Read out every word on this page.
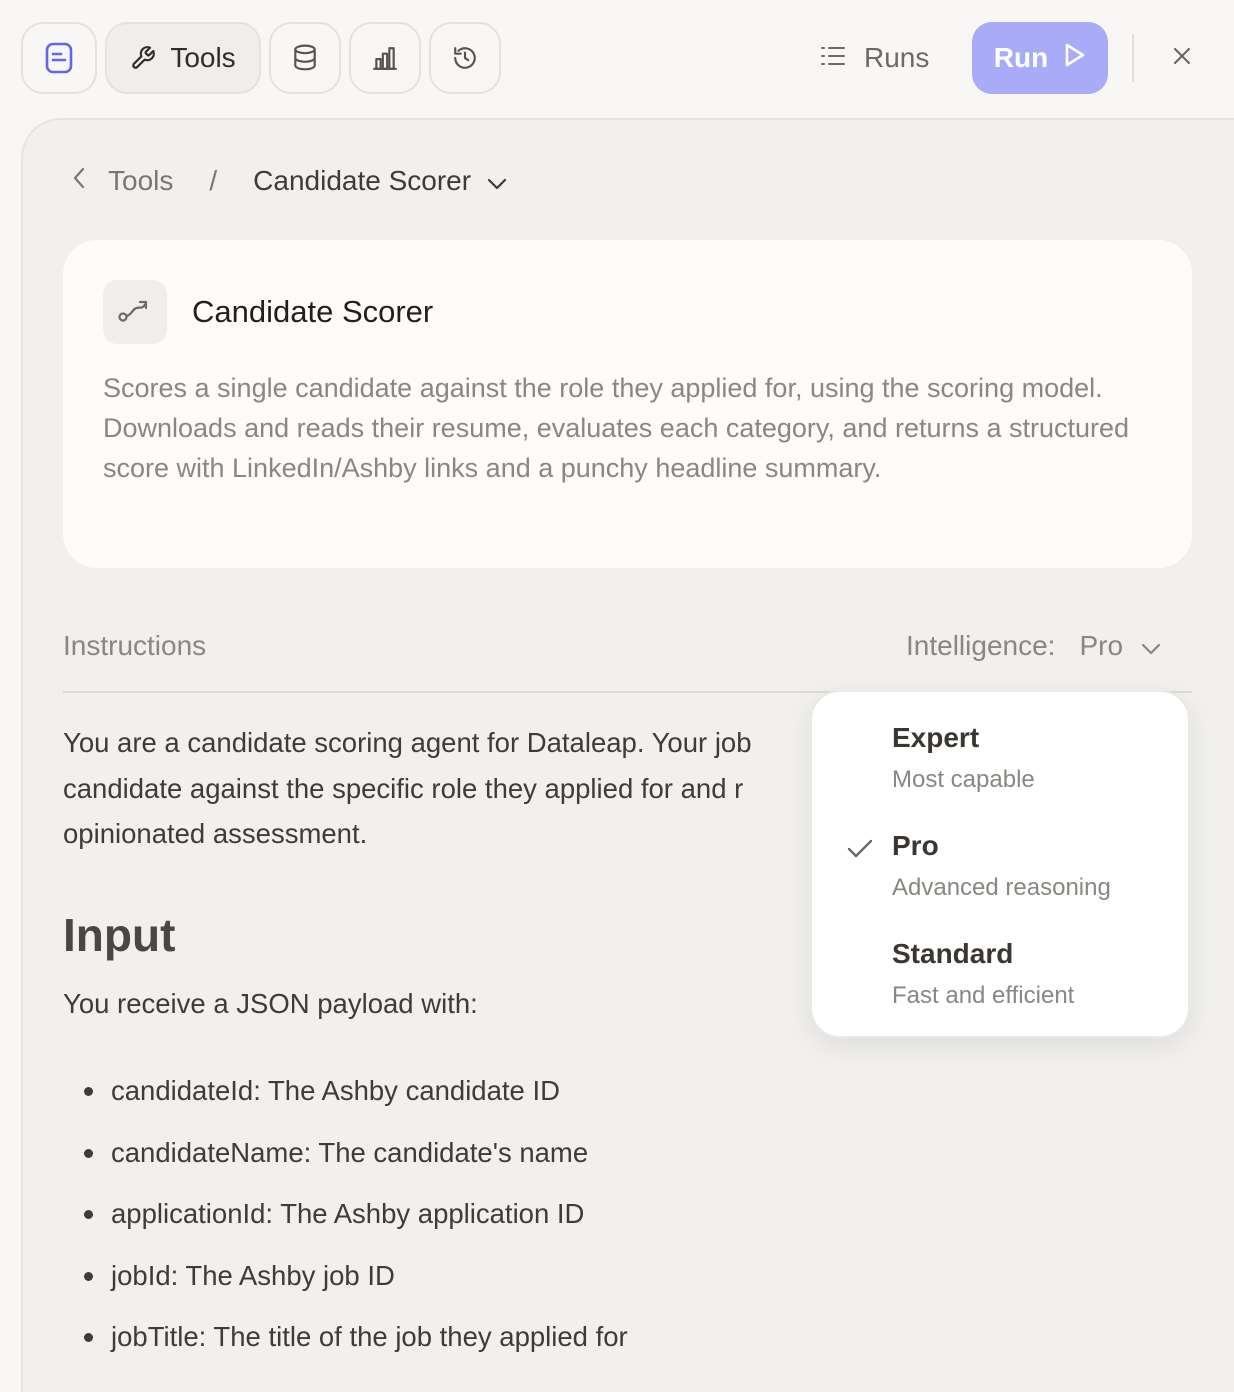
Tools	Runs Run
Tools / Candidate Scorer
Candidate Scorer
Scores a single candidate against the role they applied for, using the scoring model. Downloads and reads their resume, evaluates each category, and returns a structured score with LinkedIn/Ashby links and a punchy headline summary.
Instructions	Intelligence: Pro
You are a candidate scoring agent for Dataleap. Your job
candidate against the specific role they applied for and r
opinionated assessment.
Input
You receive a JSON payload with:
candidateId: The Ashby candidate ID
candidateName: The candidate's name
applicationId: The Ashby application ID
jobId: The Ashby job ID
jobTitle: The title of the job they applied for
Expert
Most capable
Pro
Advanced reasoning
Standard
Fast and efficient
